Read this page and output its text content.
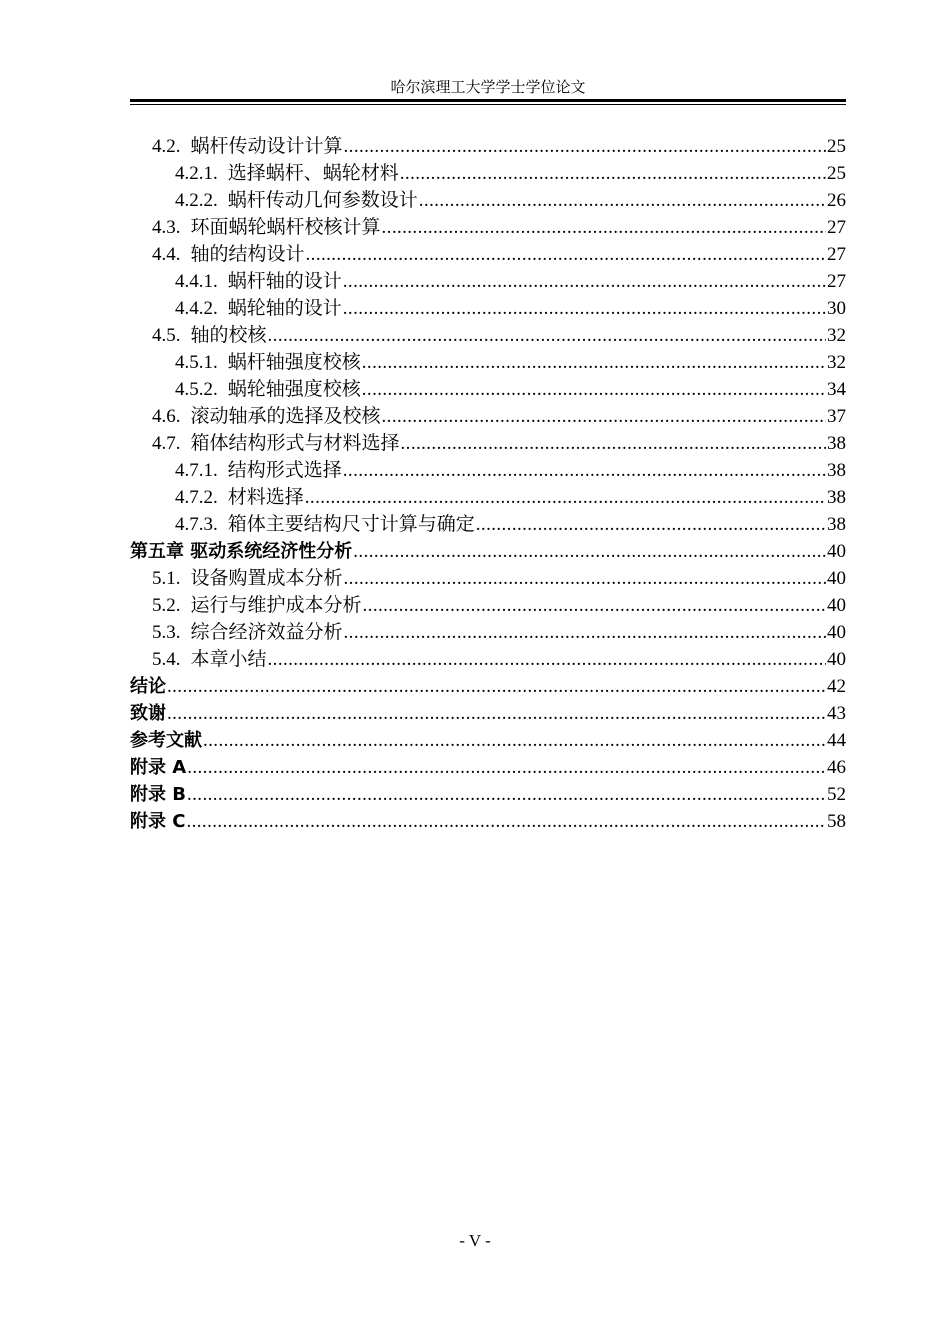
哈尔滨理工大学学士学位论文
4.2. 蜗杆传动设计计算 .....	25
4.2.1. 选择蜗杆、蜗轮材料 .....	25
4.2.2. 蜗杆传动几何参数设计 .....	26
4.3. 环面蜗轮蜗杆校核计算 .....	27
4.4. 轴的结构设计 .....	27
4.4.1. 蜗杆轴的设计 .....	27
4.4.2. 蜗轮轴的设计 .....	30
4.5. 轴的校核 .....	32
4.5.1. 蜗杆轴强度校核 .....	32
4.5.2. 蜗轮轴强度校核 .....	34
4.6. 滚动轴承的选择及校核 .....	37
4.7. 箱体结构形式与材料选择 .....	38
4.7.1. 结构形式选择 .....	38
4.7.2. 材料选择 .....	38
4.7.3. 箱体主要结构尺寸计算与确定 .....	38
第五章 驱动系统经济性分析 .....	40
5.1. 设备购置成本分析 .....	40
5.2. 运行与维护成本分析 .....	40
5.3. 综合经济效益分析 .....	40
5.4. 本章小结 .....	40
结论 .....	42
致谢 .....	43
参考文献 .....	44
附录 A .....	46
附录 B .....	52
附录 C .....	58
- V -
